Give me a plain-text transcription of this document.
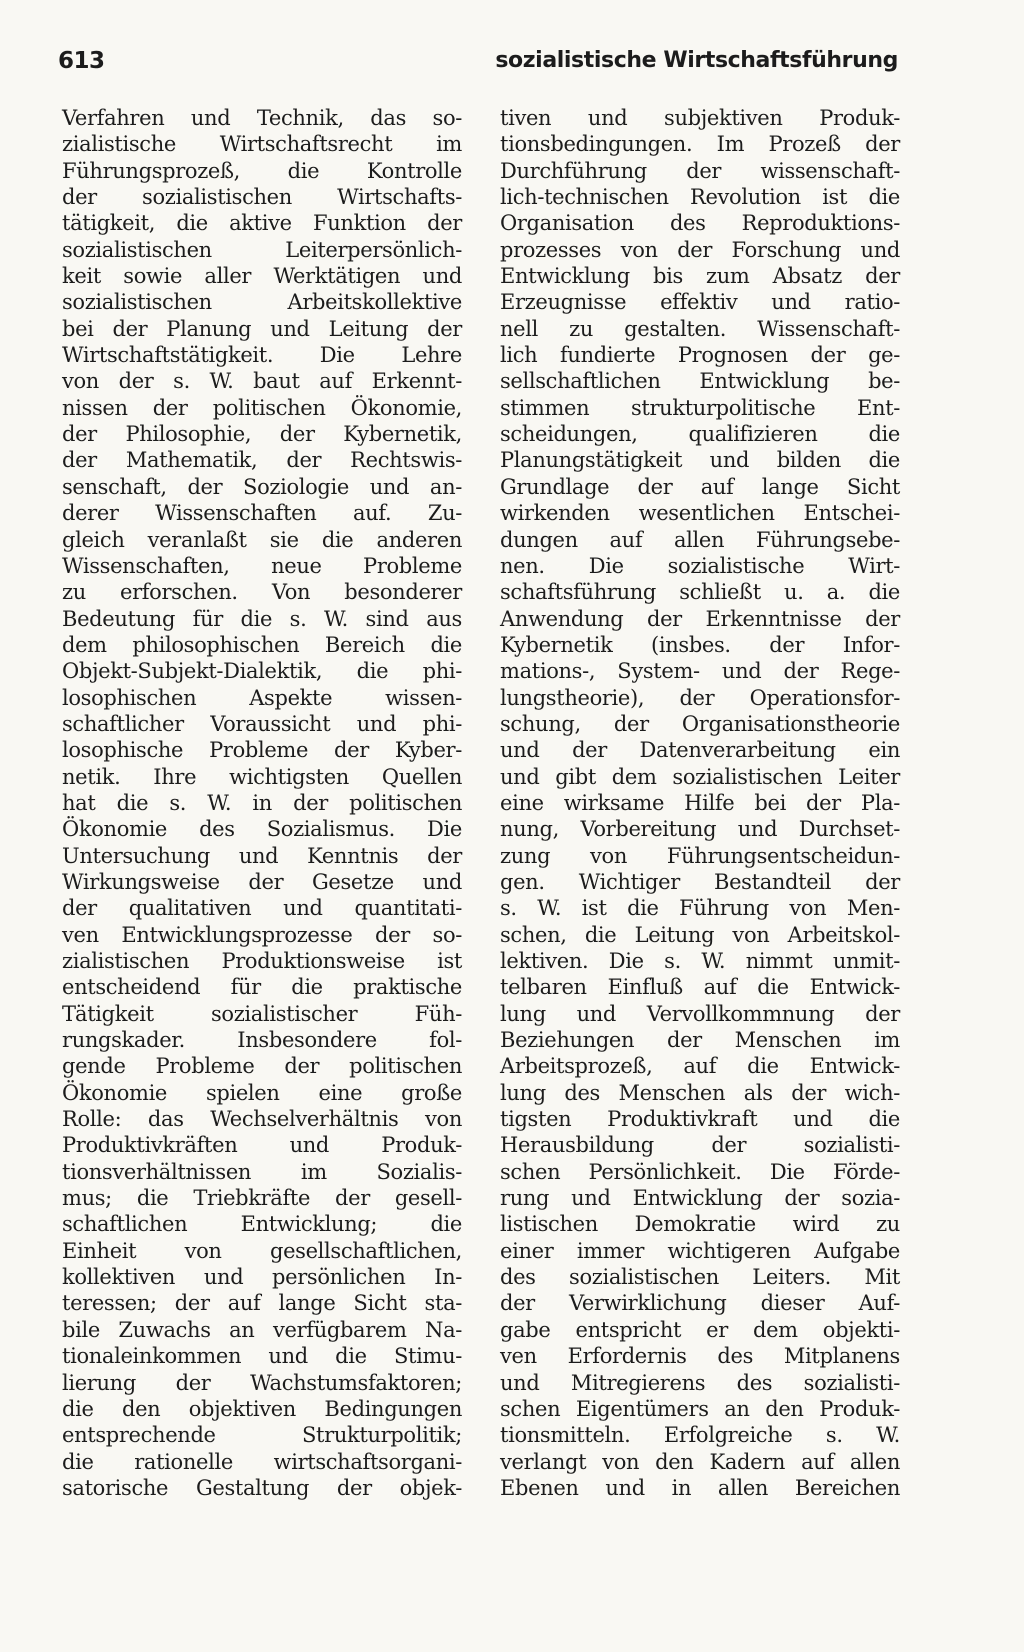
613	sozialistische Wirtschaftsführung
Verfahren und Technik, das so-
zialistische Wirtschaftsrecht im
Führungsprozeß, die Kontrolle
der sozialistischen Wirtschafts-
tätigkeit, die aktive Funktion der
sozialistischen Leiterpersönlich-
keit sowie aller Werktätigen und
sozialistischen Arbeitskollektive
bei der Planung und Leitung der
Wirtschaftstätigkeit. Die Lehre
von der s. W. baut auf Erkennt-
nissen der politischen Ökonomie,
der Philosophie, der Kybernetik,
der Mathematik, der Rechtswis-
senschaft, der Soziologie und an-
derer Wissenschaften auf. Zu-
gleich veranlaßt sie die anderen
Wissenschaften, neue Probleme
zu erforschen. Von besonderer
Bedeutung für die s. W. sind aus
dem philosophischen Bereich die
Objekt-Subjekt-Dialektik, die phi-
losophischen Aspekte wissen-
schaftlicher Voraussicht und phi-
losophische Probleme der Kyber-
netik. Ihre wichtigsten Quellen
hat die s. W. in der politischen
Ökonomie des Sozialismus. Die
Untersuchung und Kenntnis der
Wirkungsweise der Gesetze und
der qualitativen und quantitati-
ven Entwicklungsprozesse der so-
zialistischen Produktionsweise ist
entscheidend für die praktische
Tätigkeit sozialistischer Füh-
rungskader. Insbesondere fol-
gende Probleme der politischen
Ökonomie spielen eine große
Rolle: das Wechselverhältnis von
Produktivkräften und Produk-
tionsverhältnissen im Sozialis-
mus; die Triebkräfte der gesell-
schaftlichen Entwicklung; die
Einheit von gesellschaftlichen,
kollektiven und persönlichen In-
teressen; der auf lange Sicht sta-
bile Zuwachs an verfügbarem Na-
tionaleinkommen und die Stimu-
lierung der Wachstumsfaktoren;
die den objektiven Bedingungen
entsprechende Strukturpolitik;
die rationelle wirtschaftsorgani-
satorische Gestaltung der objek-
tiven und subjektiven Produk-
tionsbedingungen. Im Prozeß der
Durchführung der wissenschaft-
lich-technischen Revolution ist die
Organisation des Reproduktions-
prozesses von der Forschung und
Entwicklung bis zum Absatz der
Erzeugnisse effektiv und ratio-
nell zu gestalten. Wissenschaft-
lich fundierte Prognosen der ge-
sellschaftlichen Entwicklung be-
stimmen strukturpolitische Ent-
scheidungen, qualifizieren die
Planungstätigkeit und bilden die
Grundlage der auf lange Sicht
wirkenden wesentlichen Entschei-
dungen auf allen Führungsebe-
nen. Die sozialistische Wirt-
schaftsführung schließt u. a. die
Anwendung der Erkenntnisse der
Kybernetik (insbes. der Infor-
mations-, System- und der Rege-
lungstheorie), der Operationsfor-
schung, der Organisationstheorie
und der Datenverarbeitung ein
und gibt dem sozialistischen Leiter
eine wirksame Hilfe bei der Pla-
nung, Vorbereitung und Durchset-
zung von Führungsentscheidun-
gen. Wichtiger Bestandteil der
s. W. ist die Führung von Men-
schen, die Leitung von Arbeitskol-
lektiven. Die s. W. nimmt unmit-
telbaren Einfluß auf die Entwick-
lung und Vervollkommnung der
Beziehungen der Menschen im
Arbeitsprozeß, auf die Entwick-
lung des Menschen als der wich-
tigsten Produktivkraft und die
Herausbildung der sozialisti-
schen Persönlichkeit. Die Förde-
rung und Entwicklung der sozia-
listischen Demokratie wird zu
einer immer wichtigeren Aufgabe
des sozialistischen Leiters. Mit
der Verwirklichung dieser Auf-
gabe entspricht er dem objekti-
ven Erfordernis des Mitplanens
und Mitregierens des sozialisti-
schen Eigentümers an den Produk-
tionsmitteln. Erfolgreiche s. W.
verlangt von den Kadern auf allen
Ebenen und in allen Bereichen
